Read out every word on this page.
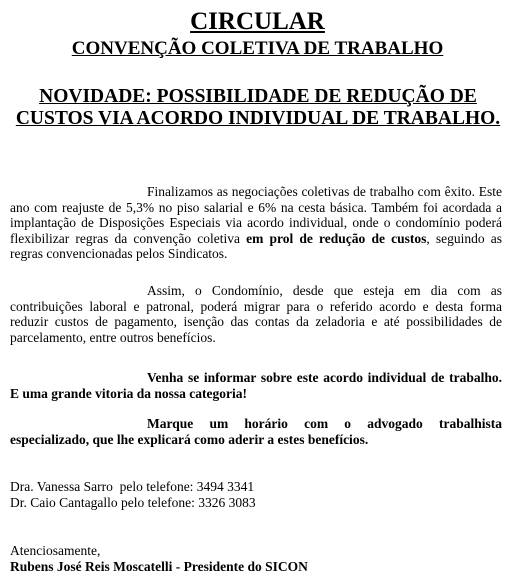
CIRCULAR
CONVENÇÃO COLETIVA DE TRABALHO
NOVIDADE: POSSIBILIDADE DE REDUÇÃO DE CUSTOS VIA ACORDO INDIVIDUAL DE TRABALHO.

Finalizamos as negociações coletivas de trabalho com êxito. Este ano com reajuste de 5,3% no piso salarial e 6% na cesta básica. Também foi acordada a implantação de Disposições Especiais via acordo individual, onde o condomínio poderá flexibilizar regras da convenção coletiva em prol de redução de custos, seguindo as regras convencionadas pelos Sindicatos.

Assim, o Condomínio, desde que esteja em dia com as contribuições laboral e patronal, poderá migrar para o referido acordo e desta forma reduzir custos de pagamento, isenção das contas da zeladoria e até possibilidades de parcelamento, entre outros benefícios.

Venha se informar sobre este acordo individual de trabalho. E uma grande vitoria da nossa categoria!

Marque um horário com o advogado trabalhista especializado, que lhe explicará como aderir a estes benefícios.

Dra. Vanessa Sarro  pelo telefone: 3494 3341
Dr. Caio Cantagallo pelo telefone: 3326 3083
Atenciosamente,
Rubens José Reis Moscatelli - Presidente do SICON
